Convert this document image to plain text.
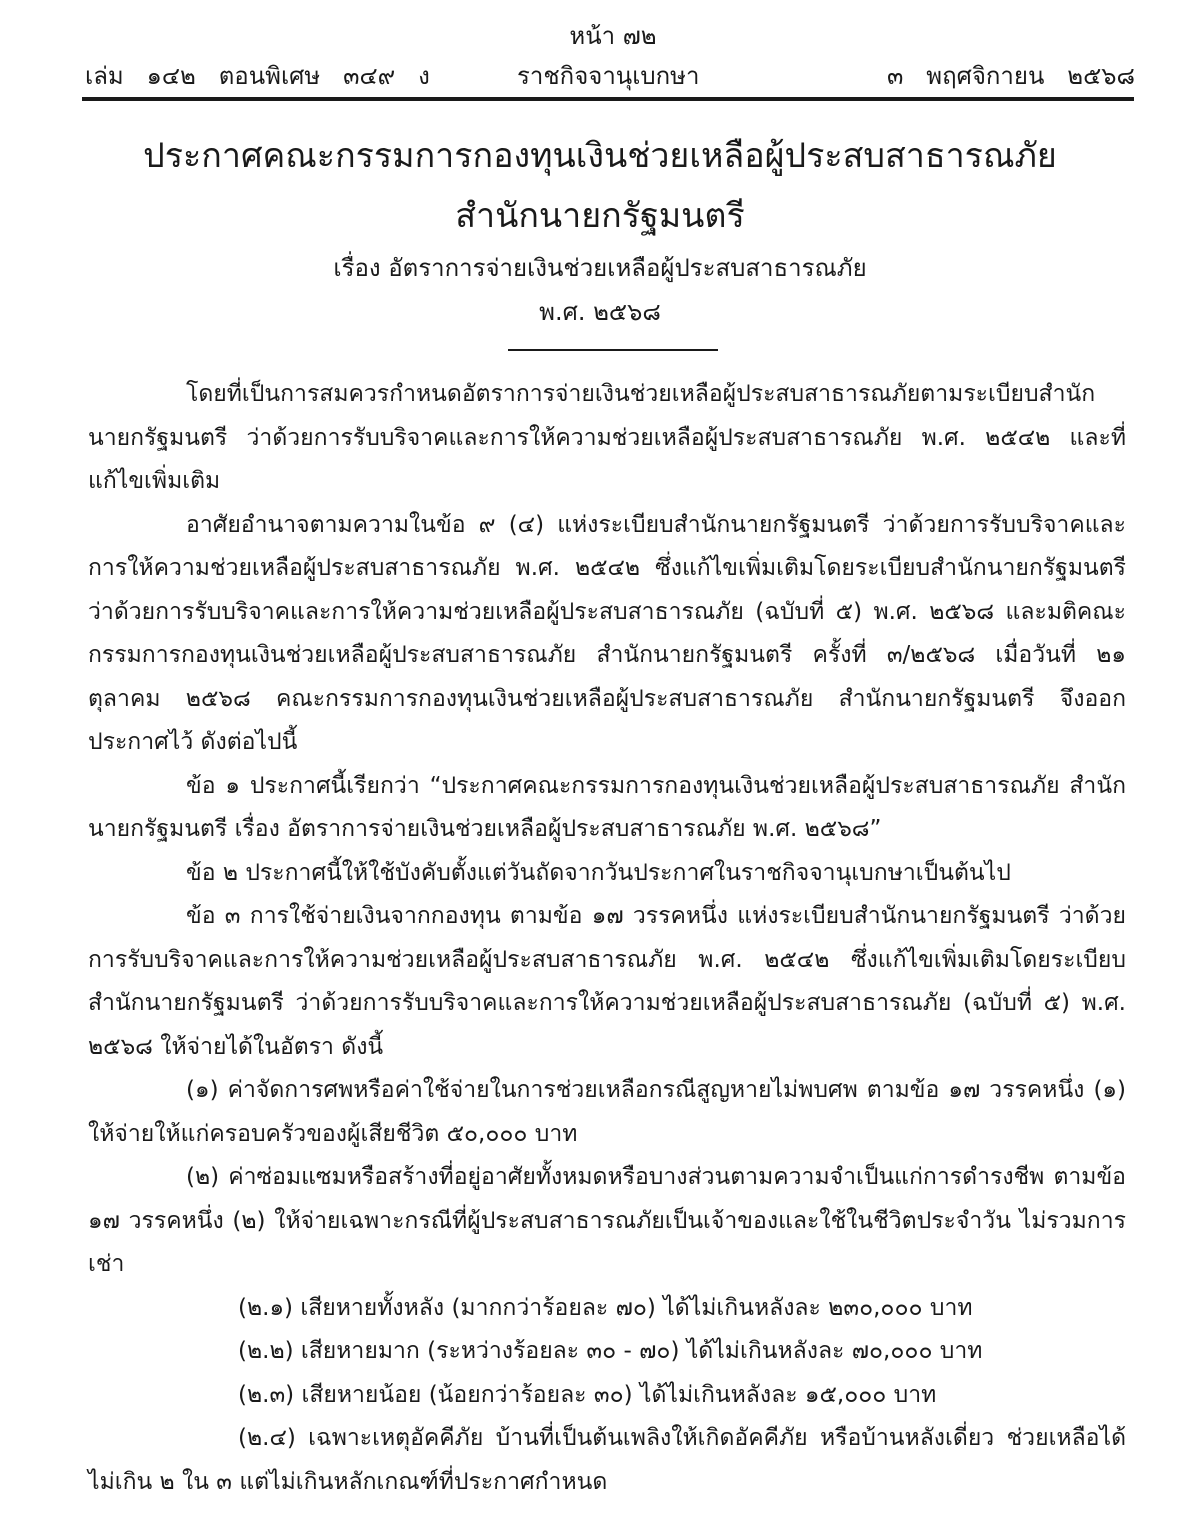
หน้า ๗๒
เล่ม   ๑๔๒   ตอนพิเศษ   ๓๔๙   ง	ราชกิจจานุเบกษา	๓   พฤศจิกายน   ๒๕๖๘
ประกาศคณะกรรมการกองทุนเงินช่วยเหลือผู้ประสบสาธารณภัย
สำนักนายกรัฐมนตรี
เรื่อง อัตราการจ่ายเงินช่วยเหลือผู้ประสบสาธารณภัย
พ.ศ. ๒๕๖๘

โดยที่เป็นการสมควรกำหนดอัตราการจ่ายเงินช่วยเหลือผู้ประสบสาธารณภัยตามระเบียบสำนักนายกรัฐมนตรี ว่าด้วยการรับบริจาคและการให้ความช่วยเหลือผู้ประสบสาธารณภัย พ.ศ. ๒๕๔๒ และที่แก้ไขเพิ่มเติม

อาศัยอำนาจตามความในข้อ ๙ (๔) แห่งระเบียบสำนักนายกรัฐมนตรี ว่าด้วยการรับบริจาคและการให้ความช่วยเหลือผู้ประสบสาธารณภัย พ.ศ. ๒๕๔๒ ซึ่งแก้ไขเพิ่มเติมโดยระเบียบสำนักนายกรัฐมนตรี ว่าด้วยการรับบริจาคและการให้ความช่วยเหลือผู้ประสบสาธารณภัย (ฉบับที่ ๕) พ.ศ. ๒๕๖๘ และมติคณะกรรมการกองทุนเงินช่วยเหลือผู้ประสบสาธารณภัย สำนักนายกรัฐมนตรี ครั้งที่ ๓/๒๕๖๘ เมื่อวันที่ ๒๑ ตุลาคม ๒๕๖๘ คณะกรรมการกองทุนเงินช่วยเหลือผู้ประสบสาธารณภัย สำนักนายกรัฐมนตรี จึงออกประกาศไว้ ดังต่อไปนี้

ข้อ ๑ ประกาศนี้เรียกว่า “ประกาศคณะกรรมการกองทุนเงินช่วยเหลือผู้ประสบสาธารณภัย สำนักนายกรัฐมนตรี เรื่อง อัตราการจ่ายเงินช่วยเหลือผู้ประสบสาธารณภัย พ.ศ. ๒๕๖๘”

ข้อ ๒ ประกาศนี้ให้ใช้บังคับตั้งแต่วันถัดจากวันประกาศในราชกิจจานุเบกษาเป็นต้นไป

ข้อ ๓ การใช้จ่ายเงินจากกองทุน ตามข้อ ๑๗ วรรคหนึ่ง แห่งระเบียบสำนักนายกรัฐมนตรี ว่าด้วยการรับบริจาคและการให้ความช่วยเหลือผู้ประสบสาธารณภัย พ.ศ. ๒๕๔๒ ซึ่งแก้ไขเพิ่มเติมโดยระเบียบสำนักนายกรัฐมนตรี ว่าด้วยการรับบริจาคและการให้ความช่วยเหลือผู้ประสบสาธารณภัย (ฉบับที่ ๕) พ.ศ. ๒๕๖๘ ให้จ่ายได้ในอัตรา ดังนี้

(๑) ค่าจัดการศพหรือค่าใช้จ่ายในการช่วยเหลือกรณีสูญหายไม่พบศพ ตามข้อ ๑๗ วรรคหนึ่ง (๑) ให้จ่ายให้แก่ครอบครัวของผู้เสียชีวิต ๕๐,๐๐๐ บาท

(๒) ค่าซ่อมแซมหรือสร้างที่อยู่อาศัยทั้งหมดหรือบางส่วนตามความจำเป็นแก่การดำรงชีพ ตามข้อ ๑๗ วรรคหนึ่ง (๒) ให้จ่ายเฉพาะกรณีที่ผู้ประสบสาธารณภัยเป็นเจ้าของและใช้ในชีวิตประจำวัน ไม่รวมการเช่า

(๒.๑) เสียหายทั้งหลัง (มากกว่าร้อยละ ๗๐) ได้ไม่เกินหลังละ ๒๓๐,๐๐๐ บาท

(๒.๒) เสียหายมาก (ระหว่างร้อยละ ๓๐ - ๗๐) ได้ไม่เกินหลังละ ๗๐,๐๐๐ บาท

(๒.๓) เสียหายน้อย (น้อยกว่าร้อยละ ๓๐) ได้ไม่เกินหลังละ ๑๕,๐๐๐ บาท

(๒.๔) เฉพาะเหตุอัคคีภัย บ้านที่เป็นต้นเพลิงให้เกิดอัคคีภัย หรือบ้านหลังเดี่ยว ช่วยเหลือได้ไม่เกิน ๒ ใน ๓ แต่ไม่เกินหลักเกณฑ์ที่ประกาศกำหนด
